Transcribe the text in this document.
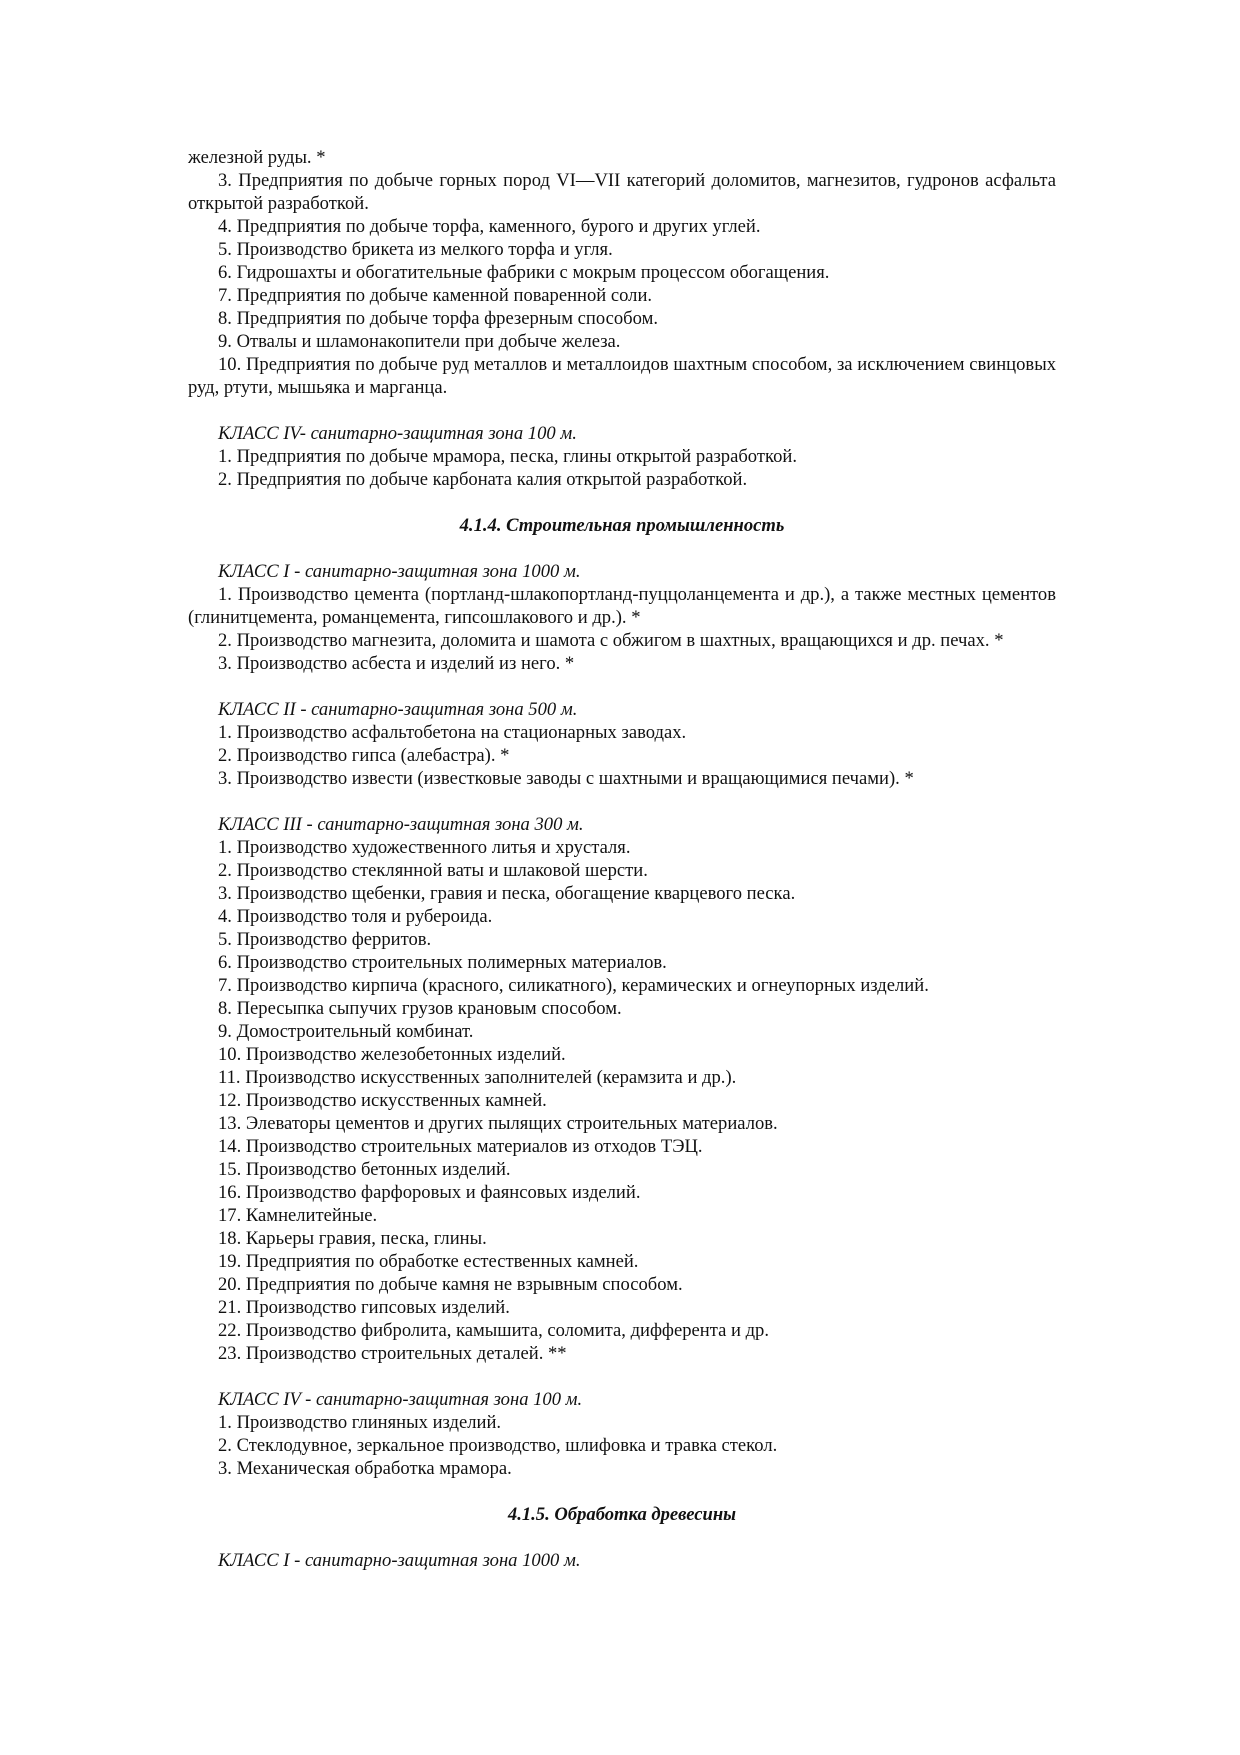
железной руды. *

3. Предприятия по добыче горных пород VI—VII категорий доломитов, магнезитов, гудронов асфальта открытой разработкой.

4. Предприятия по добыче торфа, каменного, бурого и других углей.

5. Производство брикета из мелкого торфа и угля.

6. Гидрошахты и обогатительные фабрики с мокрым процессом обогащения.

7. Предприятия по добыче каменной поваренной соли.

8. Предприятия по добыче торфа фрезерным способом.

9. Отвалы и шламонакопители при добыче железа.

10. Предприятия по добыче руд металлов и металлоидов шахтным способом, за исключением свинцовых руд, ртути, мышьяка и марганца.

КЛАСС IV- санитарно-защитная зона 100 м.

1. Предприятия по добыче мрамора, песка, глины открытой разработкой.

2. Предприятия по добыче карбоната калия открытой разработкой.

4.1.4. Строительная промышленность

КЛАСС I - санитарно-защитная зона 1000 м.

1. Производство цемента (портланд-шлакопортланд-пуццоланцемента и др.), а также местных цементов (глинитцемента, романцемента, гипсошлакового и др.). *

2. Производство магнезита, доломита и шамота с обжигом в шахтных, вращающихся и др. печах. *

3. Производство асбеста и изделий из него. *

КЛАСС II - санитарно-защитная зона 500 м.

1. Производство асфальтобетона на стационарных заводах.

2. Производство гипса (алебастра). *

3. Производство извести (известковые заводы с шахтными и вращающимися печами). *

КЛАСС III - санитарно-защитная зона 300 м.

1. Производство художественного литья и хрусталя.

2. Производство стеклянной ваты и шлаковой шерсти.

3. Производство щебенки, гравия и песка, обогащение кварцевого песка.

4. Производство толя и рубероида.

5. Производство ферритов.

6. Производство строительных полимерных материалов.

7. Производство кирпича (красного, силикатного), керамических и огнеупорных изделий.

8. Пересыпка сыпучих грузов крановым способом.

9. Домостроительный комбинат.

10. Производство железобетонных изделий.

11. Производство искусственных заполнителей (керамзита и др.).

12. Производство искусственных камней.

13. Элеваторы цементов и других пылящих строительных материалов.

14. Производство строительных материалов из отходов ТЭЦ.

15. Производство бетонных изделий.

16. Производство фарфоровых и фаянсовых изделий.

17. Камнелитейные.

18. Карьеры гравия, песка, глины.

19. Предприятия по обработке естественных камней.

20. Предприятия по добыче камня не взрывным способом.

21. Производство гипсовых изделий.

22. Производство фибролита, камышита, соломита, дифферента и др.

23. Производство строительных деталей. **

КЛАСС IV - санитарно-защитная зона 100 м.

1. Производство глиняных изделий.

2. Стеклодувное, зеркальное производство, шлифовка и травка стекол.

3. Механическая обработка мрамора.

4.1.5. Обработка древесины

КЛАСС I - санитарно-защитная зона 1000 м.
